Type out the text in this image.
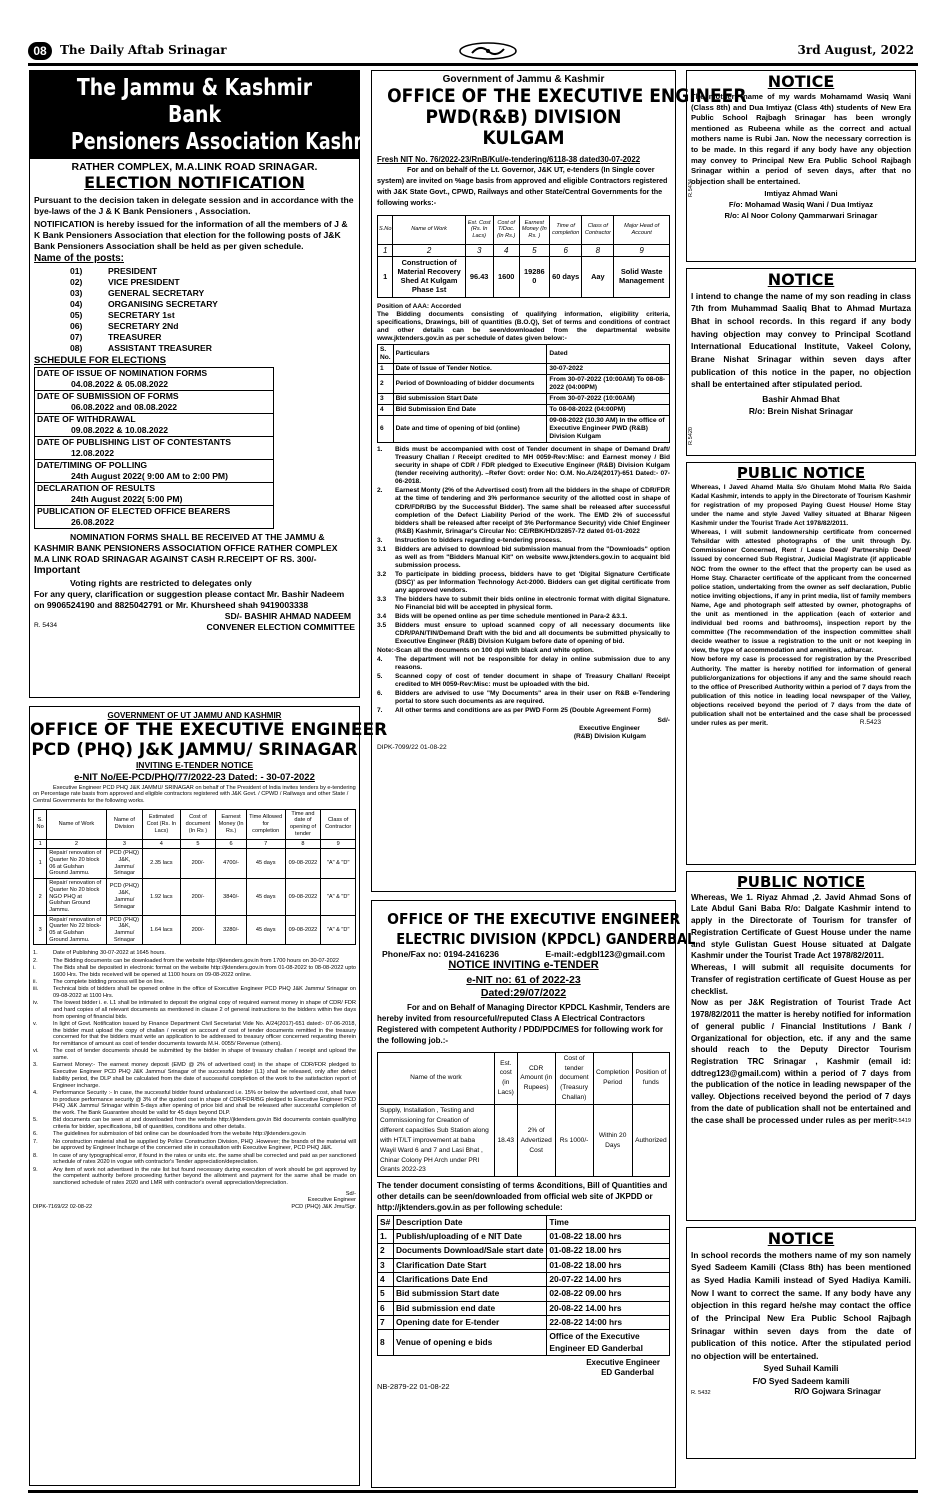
08	The Daily Aftab Srinagar	3rd August, 2022
The Jammu & Kashmir Bank
Pensioners Association Kashmir
RATHER COMPLEX, M.A.LINK ROAD SRINAGAR.
ELECTION NOTIFICATION

Pursuant to the decision taken in delegate session and in accordance with the bye-laws of the J & K Bank Pensioners , Association.

NOTIFICATION is hereby issued for the information of all the members of J & K Bank Pensioners Association that election for the following posts of J&K Bank Pensioners Association shall be held as per given schedule.

Name of the posts:

01)	PRESIDENT
02)	VICE PRESIDENT
03)	GENERAL SECRETARY
04)	ORGANISING SECRETARY
05)	SECRETARY 1st
06)	SECRETARY 2Nd
07)	TREASURER
08)	ASSISTANT TREASURER

SCHEDULE FOR ELECTIONS

DATE OF ISSUE OF NOMINATION FORMS
04.08.2022 & 05.08.2022
DATE OF SUBMISSION OF FORMS
06.08.2022 and 08.08.2022
DATE OF WITHDRAWAL
09.08.2022 & 10.08.2022
DATE OF PUBLISHING LIST OF CONTESTANTS
12.08.2022
DATE/TIMING OF POLLING
24th August 2022( 9:00 AM to 2:00 PM)
DECLARATION OF RESULTS
24th August 2022( 5:00 PM)
PUBLICATION OF ELECTED OFFICE BEARERS
26.08.2022

NOMINATION FORMS SHALL BE RECEIVED AT THE JAMMU & KASHMIR BANK PENSIONERS ASSOCIATION OFFICE RATHER COMPLEX M.A LINK ROAD SRINAGAR AGAINST CASH R.RECEIPT OF RS. 300/-

Important

Voting rights are restricted to delegates only

For any query, clarification or suggestion please contact Mr. Bashir Nadeem on 9906524190 and 8825042791 or Mr. Khursheed shah 9419003338

SD/- BASHIR AHMAD NADEEM

R. 5434	CONVENER ELECTION COMMITTEE
GOVERNMENT OF UT JAMMU AND KASHMIR
OFFICE OF THE EXECUTIVE ENGINEER
PCD (PHQ) J&K JAMMU/ SRINAGAR
INVITING E-TENDER NOTICE
e-NIT No/EE-PCD/PHQ/77/2022-23 Dated: - 30-07-2022

Executive Engineer PCD PHQ J&K JAMMU/ SRINAGAR on behalf of The President of India invites tenders by e-tendering on Percentage rate basis from approved and eligible contractors registered with J&K Govt. / CPWD / Railways and other State / Central Governments for the following works.

S. No	Name of Work	Name of Division	Estimated Cost (Rs. In Lacs)	Cost of document (In Rs )	Earnest Money (In Rs.)	Time Allowed for completion	Time and date of opening of tender	Class of Contractor
1	2	3	4	5	6	7	8	9
1	Repair/ renovation of Quarter No 20 block 06 at Gulshan Ground Jammu.	PCD (PHQ) J&K, Jammu/ Srinagar	2.35 lacs	200/-	4700/-	45 days	09-08-2022	"A" & "D"
2	Repair/ renovation of Quarter No 20 block NGO PHQ at Gulshan Ground Jammu.	PCD (PHQ) J&K, Jammu/ Srinagar	1.92 lacs	200/-	3840/-	45 days	09-08-2022	"A" & "D"
3	Repair/ renovation of Quarter No 22 block-05 at Gulshan Ground Jammu.	PCD (PHQ) J&K, Jammu/ Srinagar	1.64 lacs	200/-	3280/-	45 days	09-08-2022	"A" & "D"
1.	Date of Publishing 30-07-2022 at 1645 hours.
2.	The Bidding documents can be downloaded from the website http://jktenders.gov.in from 1700 hours on 30-07-2022
i.	The Bids shall be deposited in electronic format on the website http://jktenders.gov.in from 01-08-2022 to 08-08-2022 upto 1600 Hrs. The bids received will be opened at 1100 hours on 09-08-2022 online.
ii.	The complete bidding process will be on line.
iii.	Technical bids of bidders shall be opened online in the office of Executive Engineer PCD PHQ J&K Jammu/ Srinagar on 09-08-2022 at 1100 Hrs.
iv.	The lowest bidder i. e. L1 shall be intimated to deposit the original copy of required earnest money in shape of CDR/ FDR and hard copies of all relevant documents as mentioned in clause 2 of general instructions to the bidders within five days from opening of financial bids.
v.	In light of Govt. Notification issued by Finance Department Civil Secretariat Vide No. A/24(2017)-651 dated:- 07-06-2018, the bidder must upload the copy of challan / receipt on account of cost of tender documents remitted in the treasury concerned for that the bidders must write an application to be addressed to treasury officer concerned requesting therein for remittance of amount as cost of tender documents towards M.H. 0055/ Revenue (others).
vi.	The cost of tender documents should be submitted by the bidder in shape of treasury challan / receipt and upload the same.
3.	Earnest Money:- The earnest money deposit (EMD @ 2% of advertised cost) in the shape of CDR/FDR pledged to Executive Engineer PCD PHQ J&K Jammu/ Srinagar of the successful bidder (L1) shall be released, only after defect liability period, the DLP shall be calculated from the date of successful completion of the work to the satisfaction report of Engineer incharge.
4.	Performance Security :- In case, the successful bidder found unbalanced i.e. 15% or below the advertised cost, shall have to produce performance security @ 3% of the quoted cost in shape of CDR/FDR/BG pledged to Executive Engineer PCD PHQ J&K Jammu/ Srinagar within 5-days after opening of price bid and shall be released after successful completion of the work. The Bank Guarantee should be valid for 45 days beyond DLP.
5.	Bid documents can be seen at and downloaded from the website http://jktenders.gov.in Bid documents contain qualifying criteria for bidder, specifications, bill of quantities, conditions and other details.
6.	The guidelines for submission of bid online can be downloaded from the website http://jktenders.gov.in
7.	No construction material shall be supplied by Police Construction Division, PHQ .However; the brands of the material will be approved by Engineer Incharge of the concerned site in consultation with Executive Engineer, PCD PHQ J&K.
8.	In case of any typographical error, if found in the rates or units etc. the same shall be corrected and paid as per sanctioned schedule of rates 2020 in vogue with contractor's Tender appreciation/depreciation.
9.	Any item of work not advertised in the rate list but found necessary during execution of work should be got approved by the competent authority before proceeding further beyond the allotment and payment for the same shall be made on sanctioned schedule of rates 2020 and LMR with contractor's overall appreciation/depreciation.
Sd/-
Executive Engineer
DIPK-7169/22 02-08-22	PCD (PHQ) J&K Jmu/Sgr.
Government of Jammu & Kashmir
OFFICE OF THE EXECUTIVE ENGINEER
PWD(R&B) DIVISION KULGAM

Fresh NIT No. 76/2022-23/RnB/Kul/e-tendering/6118-38 dated30-07-2022

For and on behalf of the Lt. Governor, J&K UT, e-tenders (In Single cover system) are invited on %age basis from approved and eligible Contractors registered with J&K State Govt., CPWD, Railways and other State/Central Governments for the following works:-

S.No	Name of Work	Est. Cost (Rs. In Lacs)	Cost of T/Doc. (In Rs.)	Earnest Money (In Rs. )	Time of completion	Class of Contractor	Major Head of Account
1	2	3	4	5	6	8	9
1	Construction of Material Recovery Shed At Kulgam Phase 1st	96.43	1600	19286 0	60 days	Aay	Solid Waste Management

Position of AAA: Accorded

The Bidding documents consisting of qualifying information, eligibility criteria, specifications, Drawings, bill of quantities (B.O.Q), Set of terms and conditions of contract and other details can be seen/downloaded from the departmental website www.jktenders.gov.in as per schedule of dates given below:-

S. No.	Particulars	Dated
1	Date of Issue of Tender Notice.	30-07-2022
2	Period of Downloading of bidder documents	From 30-07-2022 (10:00AM) To 08-08-2022 (04:00PM)
3	Bid submission Start Date	From 30-07-2022 (10:00AM)
4	Bid Submission End Date	To 08-08-2022 (04:00PM)
6	Date and time of opening of bid (online)	09-08-2022 (10.30 AM) In the office of Executive Engineer PWD (R&B) Division Kulgam
1.	Bids must be accompanied with cost of Tender document in shape of Demand Draft/ Treasury Challan / Receipt credited to MH 0059-Rev:Misc: and Earnest money / Bid security in shape of CDR / FDR pledged to Executive Engineer (R&B) Division Kulgam (tender receiving authority). –Refer Govt: order No: O.M. No.A/24(2017)-651 Dated:- 07-06-2018.
2.	Earnest Monty (2% of the Advertised cost) from all the bidders in the shape of CDR/FDR at the time of tendering and 3% performance security of the allotted cost in shape of CDR/FDR/BG by the Successful Bidder). The same shall be released after successful completion of the Defect Liability Period of the work. The EMD 2% of successful bidders shall be released after receipt of 3% Performance Security) vide Chief Engineer (R&B) Kashmir, Srinagar's Circular No: CE/RBK/HD/32857-72 dated 01-01-2022
3.	Instruction to bidders regarding e-tendering process.
3.1	Bidders are advised to download bid submission manual from the "Downloads" option as well as from "Bidders Manual Kit" on website www.jktenders.gov.in to acquaint bid submission process.
3.2	To participate in bidding process, bidders have to get 'Digital Signature Certificate (DSC)' as per Information Technology Act-2000. Bidders can get digital certificate from any approved vendors.
3.3	The bidders have to submit their bids online in electronic format with digital Signature. No Financial bid will be accepted in physical form.
3.4	Bids will be opened online as per time schedule mentioned in Para-2 &3.1.
3.5	Bidders must ensure to upload scanned copy of all necessary documents like CDR/PAN/TIN/Demand Draft with the bid and all documents be submitted physically to Executive Engineer (R&B) Division Kulgam before date of opening of bid.
Note:- Scan all the documents on 100 dpi with black and white option.
4.	The department will not be responsible for delay in online submission due to any reasons.
5.	Scanned copy of cost of tender document in shape of Treasury Challan/ Receipt credited to MH 0059-Rev:Misc: must be uploaded with the bid.
6.	Bidders are advised to use "My Documents" area in their user on R&B e-Tendering portal to store such documents as are required.
7.	All other terms and conditions are as per PWD Form 25 (Double Agreement Form)
Sd/-
Executive Engineer
(R&B) Division Kulgam
DIPK-7099/22 01-08-22
OFFICE OF THE EXECUTIVE ENGINEER
ELECTRIC DIVISION (KPDCL) GANDERBAL
Phone/Fax no: 0194-2416236	E-mail:-edgbl123@gmail.com
NOTICE INVITING e-TENDER
e-NIT no: 61 of 2022-23
Dated:29/07/2022

For and on Behalf of Managing Director KPDCL Kashmir, Tenders are hereby invited from resourceful/reputed Class A Electrical Contractors Registered with competent Authority / PDD/PDC/MES for following work for the following job.:-

Name of the work	Est. cost (in Lacs)	CDR Amount (in Rupees)	Cost of tender document (Treasury Challan)	Completion Period	Position of funds
Supply, Installation , Testing and Commissioning for Creation of different capacities Sub Station along with HT/LT improvement at baba Wayil Ward 6 and 7 and Lasi Bhat , Chinar Colony PH Arch under PRI Grants 2022-23	18.43	2% of Advertized Cost	Rs 1000/-	Within 20 Days	Authorized

The tender document consisting of terms &conditions, Bill of Quantities and other details can be seen/downloaded from official web site of JKPDD or http://jktenders.gov.in as per following schedule:

S#	Description Date	Time
1.	Publish/uploading of e NIT Date	01-08-22 18.00 hrs
2	Documents Download/Sale start date	01-08-22 18.00 hrs
3	Clarification Date Start	01-08-22 18.00 hrs
4	Clarifications Date End	20-07-22 14.00 hrs
5	Bid submission Start date	02-08-22 09.00 hrs
6	Bid submission end date	20-08-22 14.00 hrs
7	Opening date for E-tender	22-08-22 14:00 hrs
8	Venue of opening e bids	Office of the Executive Engineer ED Ganderbal
Executive Engineer
ED Ganderbal
NB-2879-22 01-08-22
NOTICE

The mothers name of my wards Mohamamd Wasiq Wani (Class 8th) and Dua Imtiyaz (Class 4th) students of New Era Public School Rajbagh Srinagar has been wrongly mentioned as Rubeena while as the correct and actual mothers name is Rubi Jan. Now the necessary correction is to be made. In this regard if any body have any objection may convey to Principal New Era Public School Rajbagh Srinagar within a period of seven days, after that no objection shall be entertained.

Imtiyaz Ahmad Wani
F/o: Mohamad Wasiq Wani / Dua Imtiyaz
R/o: Al Noor Colony Qammarwari Srinagar
R.5434
NOTICE

I intend to change the name of my son reading in class 7th from Muhammad Saaliq Bhat to Ahmad Murtaza Bhat in school records. In this regard if any body having objection may convey to Principal Scotland International Educational Institute, Vakeel Colony, Brane Nishat Srinagar within seven days after publication of this notice in the paper, no objection shall be entertained after stipulated period.

Bashir Ahmad Bhat
R/o: Brein Nishat Srinagar
R.5420
PUBLIC NOTICE

Whereas, I Javed Ahamd Malla S/o Ghulam Mohd Malla R/o Saida Kadal Kashmir, intends to apply in the Directorate of Tourism Kashmir for registration of my proposed Paying Guest House/ Home Stay under the name and style Javed Valley situated at Bharar Nigeen Kashmir under the Tourist Trade Act 1978/82/2011.
Whereas, I will submit landownership certificate from concerned Tehsildar with attested photographs of the unit through Dy. Commissioner Concerned, Rent / Lease Deed/ Partnership Deed/ Issued by concerned Sub Registrar, Judicial Magistrate (if applicable NOC from the owner to the effect that the property can be used as Home Stay. Character certificate of the applicant from the concerned police station, undertaking from the owner as self declaration, Public notice inviting objections, if any in print media, list of family members Name, Age and photograph self attested by owner, photographs of the unit as mentioned in the application (each of exterior and individual bed rooms and bathrooms), inspection report by the committee (The recommendation of the inspection committee shall decide weather to issue a registration to the unit or not keeping in view, the type of accommodation and amenities, adharcar.
Now before my case is processed for registration by the Prescribed Authority. The matter is hereby notified for information of general public/organizations for objections if any and the same should reach to the office of Prescribed Authority within a period of 7 days from the publication of this notice in leading local newspaper of the Valley, objections received beyond the period of 7 days from the date of publication shall not be entertained and the case shall be processed under rules as per merit.	R.5423
PUBLIC NOTICE

Whereas, We 1. Riyaz Ahmad ,2. Javid Ahmad Sons of Late Abdul Gani Baba R/o: Dalgate Kashmir intend to apply in the Directorate of Tourism for transfer of Registration Certificate of Guest House under the name and style Gulistan Guest House situated at Dalgate Kashmir under the Tourist Trade Act 1978/82/2011.
Whereas, I will submit all requisite documents for Transfer of registration certificate of Guest House as per checklist.
Now as per J&K Registration of Tourist Trade Act 1978/82/2011 the matter is hereby notified for information of general public / Financial Institutions / Bank / Organizational for objection, etc. if any and the same should reach to the Deputy Director Tourism Registration TRC Srinagar , Kashmir (email id: ddtreg123@gmail.com) within a period of 7 days from the publication of the notice in leading newspaper of the valley. Objections received beyond the period of 7 days from the date of publication shall not be entertained and the case shall be processed under rules as per merit R.5419
NOTICE

In school records the mothers name of my son namely Syed Sadeem Kamili (Class 8th) has been mentioned as Syed Hadia Kamili instead of Syed Hadiya Kamili. Now I want to correct the same. If any body have any objection in this regard he/she may contact the office of the Principal New Era Public School Rajbagh Srinagar within seven days from the date of publication of this notice. After the stipulated period no objection will be entertained.

Syed Suhail Kamili
F/O Syed Sadeem kamili
R. 5432	R/O Gojwara Srinagar
